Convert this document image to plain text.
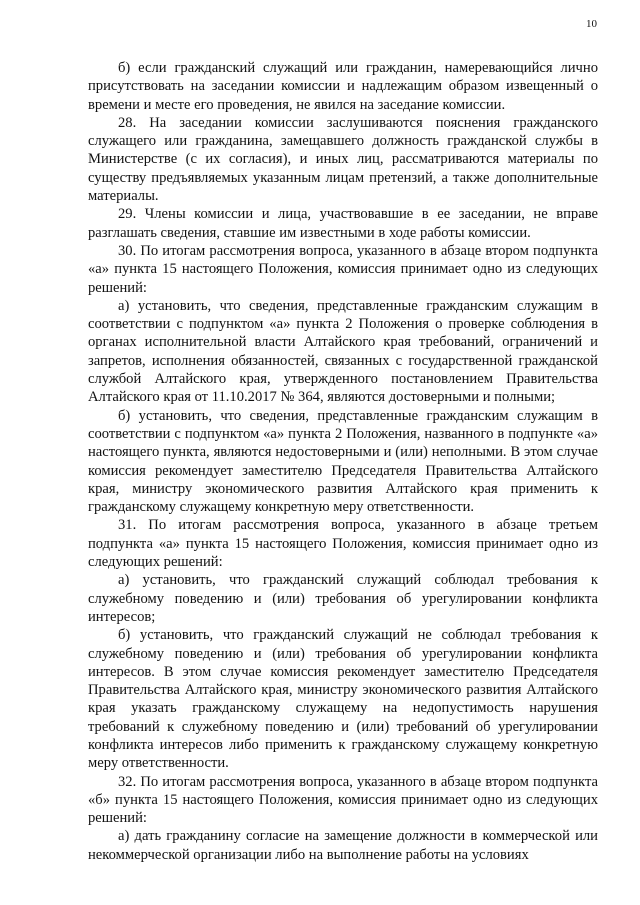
10

б) если гражданский служащий или гражданин, намеревающийся лично присутствовать на заседании комиссии и надлежащим образом извещенный о времени и месте его проведения, не явился на заседание комиссии.

28. На заседании комиссии заслушиваются пояснения гражданского служащего или гражданина, замещавшего должность гражданской службы в Министерстве (с их согласия), и иных лиц, рассматриваются материалы по существу предъявляемых указанным лицам претензий, а также дополнительные материалы.

29. Члены комиссии и лица, участвовавшие в ее заседании, не вправе разглашать сведения, ставшие им известными в ходе работы комиссии.

30. По итогам рассмотрения вопроса, указанного в абзаце втором подпункта «а» пункта 15 настоящего Положения, комиссия принимает одно из следующих решений:

а) установить, что сведения, представленные гражданским служащим в соответствии с подпунктом «а» пункта 2 Положения о проверке соблюдения в органах исполнительной власти Алтайского края требований, ограничений и запретов, исполнения обязанностей, связанных с государственной гражданской службой Алтайского края, утвержденного постановлением Правительства Алтайского края от 11.10.2017 № 364, являются достоверными и полными;

б) установить, что сведения, представленные гражданским служащим в соответствии с подпунктом «а» пункта 2 Положения, названного в подпункте «а» настоящего пункта, являются недостоверными и (или) неполными. В этом случае комиссия рекомендует заместителю Председателя Правительства Алтайского края, министру экономического развития Алтайского края применить к гражданскому служащему конкретную меру ответственности.

31. По итогам рассмотрения вопроса, указанного в абзаце третьем подпункта «а» пункта 15 настоящего Положения, комиссия принимает одно из следующих решений:

а) установить, что гражданский служащий соблюдал требования к служебному поведению и (или) требования об урегулировании конфликта интересов;

б) установить, что гражданский служащий не соблюдал требования к служебному поведению и (или) требования об урегулировании конфликта интересов. В этом случае комиссия рекомендует заместителю Председателя Правительства Алтайского края, министру экономического развития Алтайского края указать гражданскому служащему на недопустимость нарушения требований к служебному поведению и (или) требований об урегулировании конфликта интересов либо применить к гражданскому служащему конкретную меру ответственности.

32. По итогам рассмотрения вопроса, указанного в абзаце втором подпункта «б» пункта 15 настоящего Положения, комиссия принимает одно из следующих решений:

а) дать гражданину согласие на замещение должности в коммерческой или некоммерческой организации либо на выполнение работы на условиях
